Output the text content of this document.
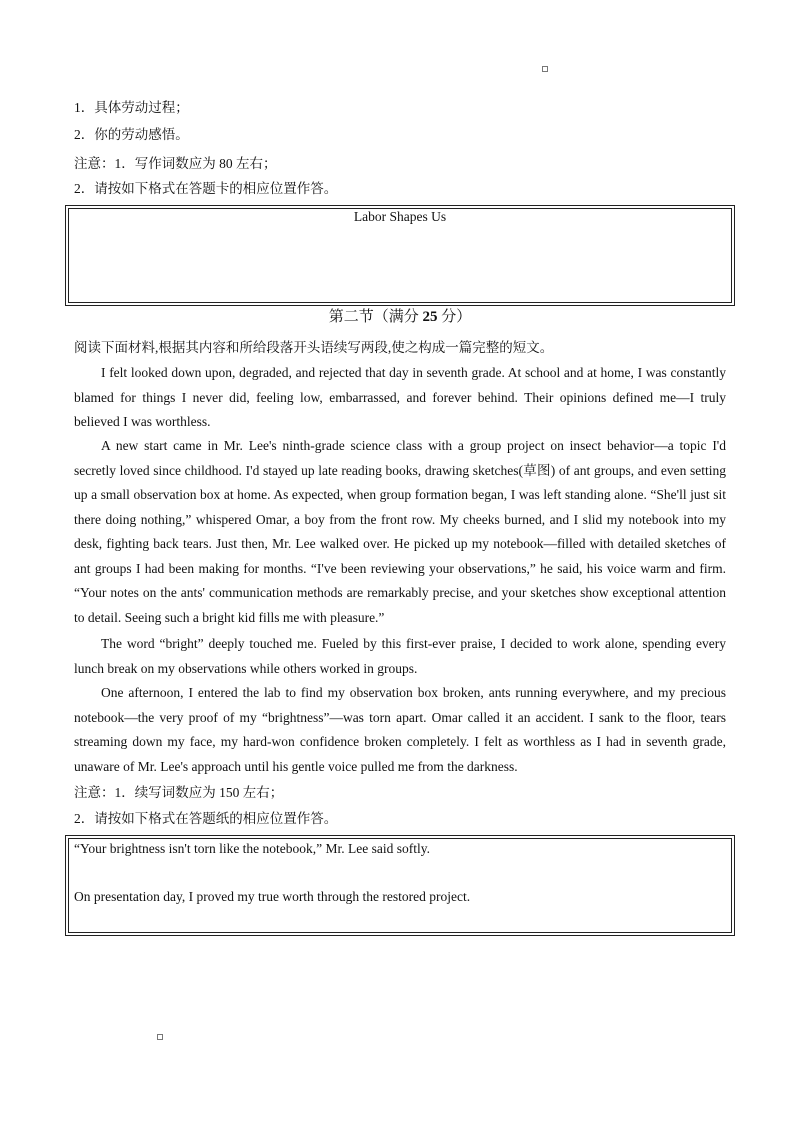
1．具体劳动过程；
2．你的劳动感悟。
注意：1．写作词数应为 80 左右；
2．请按如下格式在答题卡的相应位置作答。
Labor Shapes Us
第二节（满分 25 分）
阅读下面材料,根据其内容和所给段落开头语续写两段,使之构成一篇完整的短文。
I felt looked down upon, degraded, and rejected that day in seventh grade. At school and at home, I was constantly blamed for things I never did, feeling low, embarrassed, and forever behind. Their opinions defined me—I truly believed I was worthless.
A new start came in Mr. Lee's ninth-grade science class with a group project on insect behavior—a topic I'd secretly loved since childhood. I'd stayed up late reading books, drawing sketches(草图) of ant groups, and even setting up a small observation box at home. As expected, when group formation began, I was left standing alone. “She'll just sit there doing nothing,” whispered Omar, a boy from the front row. My cheeks burned, and I slid my notebook into my desk, fighting back tears. Just then, Mr. Lee walked over. He picked up my notebook—filled with detailed sketches of ant groups I had been making for months. “I've been reviewing your observations,” he said, his voice warm and firm. “Your notes on the ants' communication methods are remarkably precise, and your sketches show exceptional attention to detail. Seeing such a bright kid fills me with pleasure.”
The word “bright” deeply touched me. Fueled by this first-ever praise, I decided to work alone, spending every lunch break on my observations while others worked in groups.
One afternoon, I entered the lab to find my observation box broken, ants running everywhere, and my precious notebook—the very proof of my “brightness”—was torn apart. Omar called it an accident. I sank to the floor, tears streaming down my face, my hard-won confidence broken completely. I felt as worthless as I had in seventh grade, unaware of Mr. Lee's approach until his gentle voice pulled me from the darkness.
注意：1．续写词数应为 150 左右；
2．请按如下格式在答题纸的相应位置作答。
“Your brightness isn't torn like the notebook,” Mr. Lee said softly.
On presentation day, I proved my true worth through the restored project.
